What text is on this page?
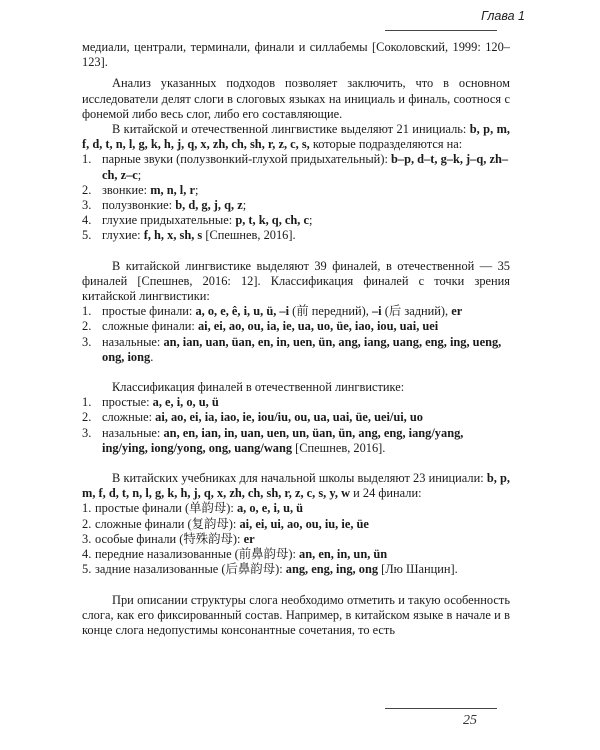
Глава 1

медиали, централи, терминали, финали и силлабемы [Соколовский, 1999: 120–123].

Анализ указанных подходов позволяет заключить, что в основном исследователи делят слоги в слоговых языках на инициаль и финаль, соотнося с фонемой либо весь слог, либо его составляющие.

В китайской и отечественной лингвистике выделяют 21 инициаль: b, p, m, f, d, t, n, l, g, k, h, j, q, x, zh, ch, sh, r, z, c, s, которые подразделяются на:

1. парные звуки (полузвонкий-глухой придыхательный): b–p, d–t, g–k, j–q, zh–ch, z–c;
2. звонкие: m, n, l, r;
3. полузвонкие: b, d, g, j, q, z;
4. глухие придыхательные: p, t, k, q, ch, c;
5. глухие: f, h, x, sh, s [Спешнев, 2016].

В китайской лингвистике выделяют 39 финалей, в отечественной — 35 финалей [Спешнев, 2016: 12]. Классификация финалей с точки зрения китайской лингвистики:

1. простые финали: a, o, e, ê, i, u, ü, –i (前 передний), –i (后 задний), er
2. сложные финали: ai, ei, ao, ou, ia, ie, ua, uo, üe, iao, iou, uai, uei
3. назальные: an, ian, uan, üan, en, in, uen, ün, ang, iang, uang, eng, ing, ueng, ong, iong.

Классификация финалей в отечественной лингвистике:

1. простые: a, e, i, o, u, ü
2. сложные: ai, ao, ei, ia, iao, ie, iou/iu, ou, ua, uai, üe, uei/ui, uo
3. назальные: an, en, ian, in, uan, uen, un, üan, ün, ang, eng, iang/yang, ing/ying, iong/yong, ong, uang/wang [Спешнев, 2016].

В китайских учебниках для начальной школы выделяют 23 инициали: b, p, m, f, d, t, n, l, g, k, h, j, q, x, zh, ch, sh, r, z, c, s, y, w и 24 финали:

1. простые финали (单韵母): a, o, e, i, u, ü
2. сложные финали (复韵母): ai, ei, ui, ao, ou, iu, ie, üe
3. особые финали (特殊韵母): er
4. передние назализованные (前鼻韵母): an, en, in, un, ün
5. задние назализованные (后鼻韵母): ang, eng, ing, ong [Лю Шанцин].

При описании структуры слога необходимо отметить и такую особенность слога, как его фиксированный состав. Например, в китайском языке в начале и в конце слога недопустимы консонантные сочетания, то есть

25
